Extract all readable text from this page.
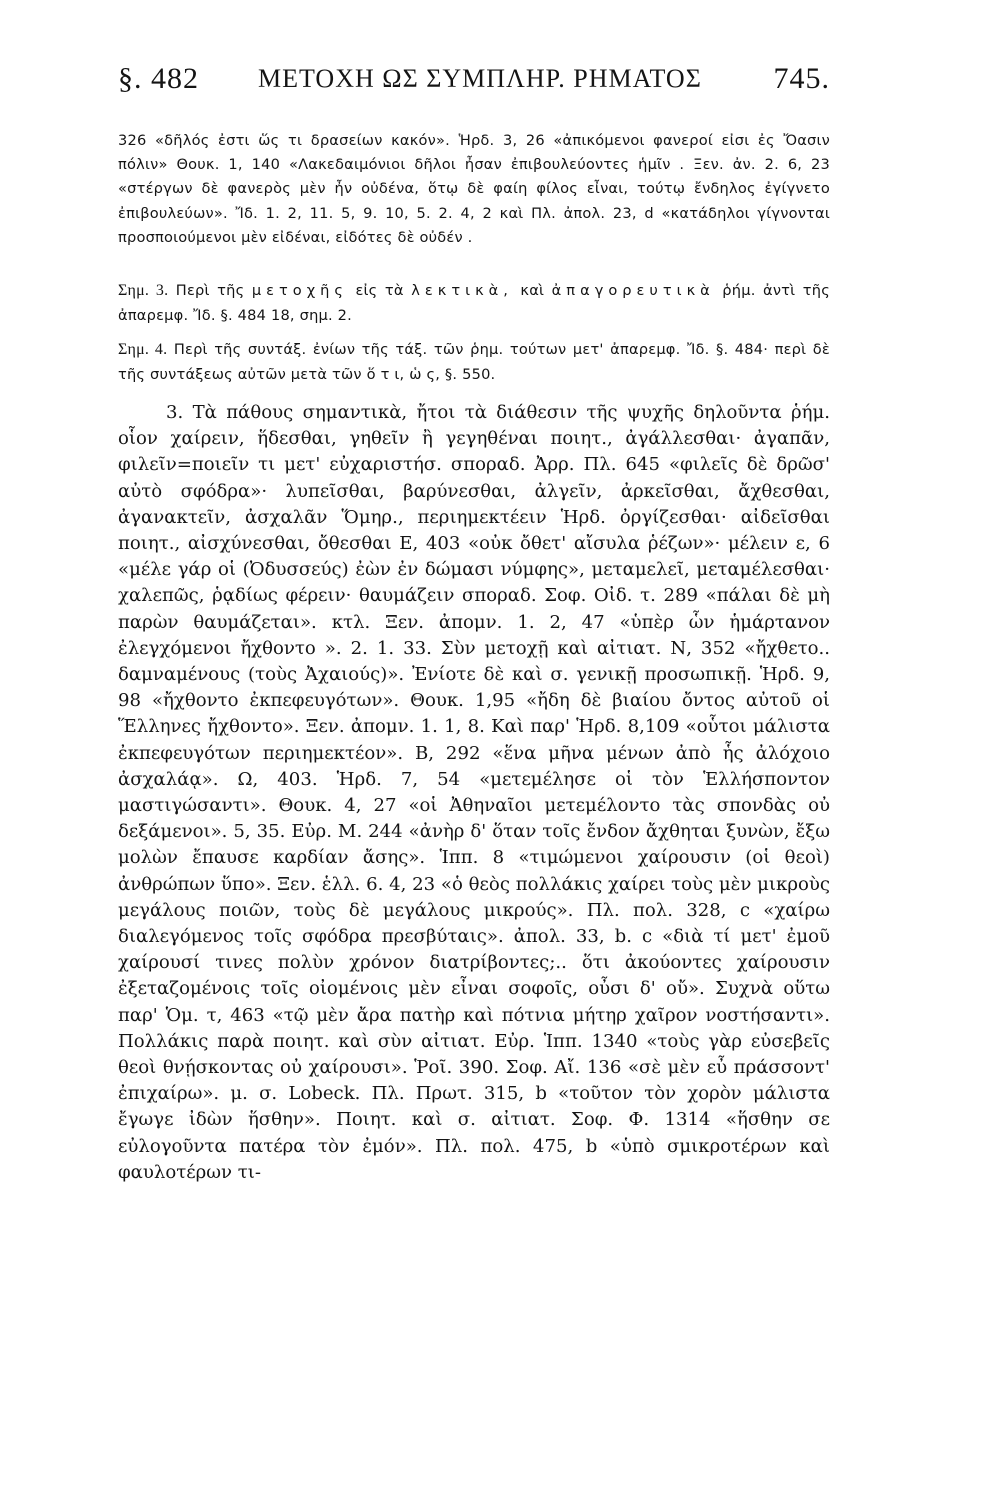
§. 482 ΜΕΤΟΧΗ ΩΣ ΣΥΜΠΛΗΡ. ΡΗΜΑΤΟΣ 745.

326 «δῆλός ἐστι ὥς τι δρασείων κακόν». Ἡρδ. 3, 26 «ἀπικόμενοι φανεροί εἰσι ἐς Ὄασιν πόλιν» Θουκ. 1, 140 «Λακεδαιμόνιοι δῆλοι ἦσαν ἐπιβουλεύοντες ἡμῖν . Ξεν. ἀν. 2. 6, 23 «στέργων δὲ φανερὸς μὲν ἦν οὐδένα, ὅτῳ δὲ φαίη φίλος εἶναι, τούτῳ ἔνδηλος ἐγίγνετο ἐπιβουλεύων». Ἴδ. 1. 2, 11. 5, 9. 10, 5. 2. 4, 2 καὶ Πλ. ἀπολ. 23, d «κατάδηλοι γίγνονται προσποιούμενοι μὲν εἰδέναι, εἰδότες δὲ οὐδέν .

Σημ. 3. Περὶ τῆς μετοχῆς εἰς τὰ λεκτικὰ, καὶ ἀπαγορευτικὰ ῥήμ. ἀντὶ τῆς ἀπαρεμφ. Ἴδ. §. 484 18, σημ. 2.

Σημ. 4. Περὶ τῆς συντάξ. ἐνίων τῆς τάξ. τῶν ῥημ. τούτων μετ' ἀπαρεμφ. Ἴδ. §. 484· περὶ δὲ τῆς συντάξεως αὐτῶν μετὰ τῶν ὅ τ ι, ὡ ς, §. 550.

3. Τὰ πάθους σημαντικὰ, ἤτοι τὰ διάθεσιν τῆς ψυχῆς δηλοῦντα ῥήμ. οἷον χαίρειν, ἥδεσθαι, γηθεῖν ἢ γεγηθέναι ποιητ., ἀγάλλεσθαι· ἀγαπᾶν, φιλεῖν=ποιεῖν τι μετ' εὐχαριστήσ. σποραδ. Ἀρρ. Πλ. 645 «φιλεῖς δὲ δρῶσ' αὐτὸ σφόδρα»· λυπεῖσθαι, βαρύνεσθαι, ἀλγεῖν, ἀρκεῖσθαι, ἄχθεσθαι, ἀγανακτεῖν, ἀσχαλᾶν Ὅμηρ., περιημεκτέειν Ἡρδ. ὀργίζεσθαι· αἰδεῖσθαι ποιητ., αἰσχύνεσθαι, ὄθεσθαι Ε, 403 «οὐκ ὄθετ' αἴσυλα ῥέζων»· μέλειν ε, 6 «μέλε γάρ οἱ (Ὀδυσσεύς) ἐὼν ἐν δώμασι νύμφης», μεταμελεῖ, μεταμέλεσθαι· χαλεπῶς, ῥᾳδίως φέρειν· θαυμάζειν σποραδ. Σοφ. Οἰδ. τ. 289 «πάλαι δὲ μὴ παρὼν θαυμάζεται». κτλ. Ξεν. ἀπομν. 1. 2, 47 «ὑπὲρ ὧν ἡμάρτανον ἐλεγχόμενοι ἤχθοντο ». 2. 1. 33. Σὺν μετοχῇ καὶ αἰτιατ. Ν, 352 «ἤχθετο.. δαμναμένους (τοὺς Ἀχαιούς)». Ἐνίοτε δὲ καὶ σ. γενικῇ προσωπικῇ. Ἡρδ. 9, 98 «ἤχθοντο ἐκπεφευγότων». Θουκ. 1,95 «ἤδη δὲ βιαίου ὄντος αὐτοῦ οἱ Ἕλληνες ἤχθοντο». Ξεν. ἀπομν. 1. 1, 8. Καὶ παρ' Ἡρδ. 8,109 «οὗτοι μάλιστα ἐκπεφευγότων περιημεκτέον». Β, 292 «ἕνα μῆνα μένων ἀπὸ ἧς ἀλόχοιο ἀσχαλάᾳ». Ω, 403. Ἡρδ. 7, 54 «μετεμέλησε οἱ τὸν Ἑλλήσποντον μαστιγώσαντι». Θουκ. 4, 27 «οἱ Ἀθηναῖοι μετεμέλοντο τὰς σπονδὰς οὐ δεξάμενοι». 5, 35. Εὐρ. Μ. 244 «ἀνὴρ δ' ὅταν τοῖς ἔνδον ἄχθηται ξυνὼν, ἔξω μολὼν ἔπαυσε καρδίαν ἄσης». Ἱππ. 8 «τιμώμενοι χαίρουσιν (οἱ θεοὶ) ἀνθρώπων ὕπο». Ξεν. ἑλλ. 6. 4, 23 «ὁ θεὸς πολλάκις χαίρει τοὺς μὲν μικροὺς μεγάλους ποιῶν, τοὺς δὲ μεγάλους μικρούς». Πλ. πολ. 328, c «χαίρω διαλεγόμενος τοῖς σφόδρα πρεσβύταις». ἀπολ. 33, b. c «διὰ τί μετ' ἐμοῦ χαίρουσί τινες πολὺν χρόνον διατρίβοντες;.. ὅτι ἀκούοντες χαίρουσιν ἐξεταζομένοις τοῖς οἰομένοις μὲν εἶναι σοφοῖς, οὖσι δ' οὔ». Συχνὰ οὕτω παρ' Ὁμ. τ, 463 «τῷ μὲν ἄρα πατὴρ καὶ πότνια μήτηρ χαῖρον νοστήσαντι». Πολλάκις παρὰ ποιητ. καὶ σὺν αἰτιατ. Εὐρ. Ἱππ. 1340 «τοὺς γὰρ εὐσεβεῖς θεοὶ θνῄσκοντας οὐ χαίρουσι». Ῥοῖ. 390. Σοφ. Αἴ. 136 «σὲ μὲν εὖ πράσσοντ' ἐπιχαίρω». μ. σ. Lobeck. Πλ. Πρωτ. 315, b «τοῦτον τὸν χορὸν μάλιστα ἔγωγε ἰδὼν ἥσθην». Ποιητ. καὶ σ. αἰτιατ. Σοφ. Φ. 1314 «ἥσθην σε εὐλογοῦντα πατέρα τὸν ἐμόν». Πλ. πολ. 475, b «ὑπὸ σμικροτέρων καὶ φαυλοτέρων τι-
